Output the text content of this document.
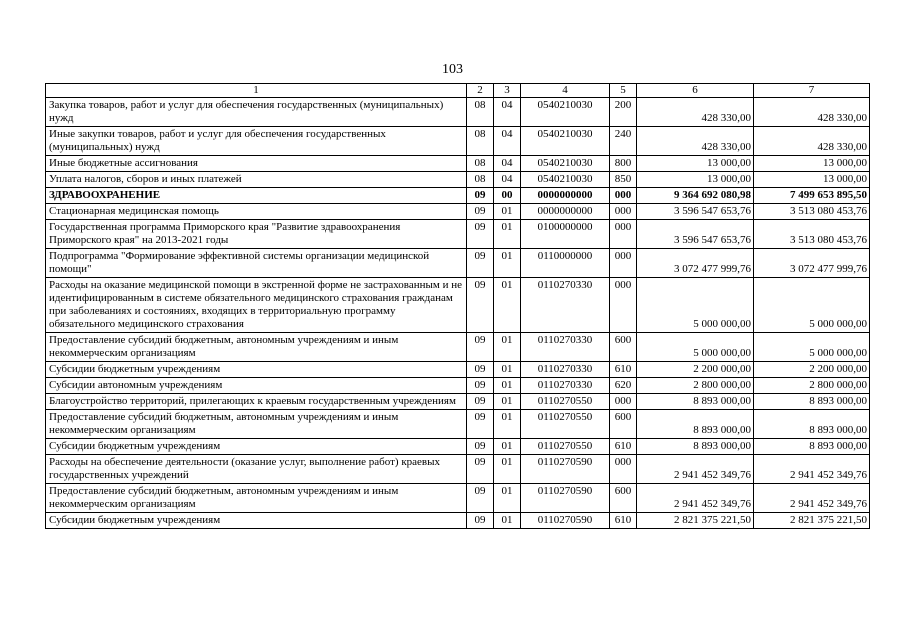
103
1	2	3	4	5	6	7
Закупка товаров, работ и услуг для обеспечения государственных (муниципальных) нужд	08	04	0540210030	200	428 330,00	428 330,00
Иные закупки товаров, работ и услуг для обеспечения государственных (муниципальных) нужд	08	04	0540210030	240	428 330,00	428 330,00
Иные бюджетные ассигнования	08	04	0540210030	800	13 000,00	13 000,00
Уплата налогов, сборов и иных платежей	08	04	0540210030	850	13 000,00	13 000,00
ЗДРАВООХРАНЕНИЕ	09	00	0000000000	000	9 364 692 080,98	7 499 653 895,50
Стационарная медицинская помощь	09	01	0000000000	000	3 596 547 653,76	3 513 080 453,76
Государственная программа Приморского края "Развитие здравоохранения Приморского края" на 2013-2021 годы	09	01	0100000000	000	3 596 547 653,76	3 513 080 453,76
Подпрограмма "Формирование эффективной системы организации медицинской помощи"	09	01	0110000000	000	3 072 477 999,76	3 072 477 999,76
Расходы на оказание медицинской помощи в экстренной форме не застрахованным и не идентифицированным в системе обязательного медицинского страхования гражданам при заболеваниях и состояниях, входящих в территориальную программу обязательного медицинского страхования	09	01	0110270330	000	5 000 000,00	5 000 000,00
Предоставление субсидий бюджетным, автономным учреждениям и иным некоммерческим организациям	09	01	0110270330	600	5 000 000,00	5 000 000,00
Субсидии бюджетным учреждениям	09	01	0110270330	610	2 200 000,00	2 200 000,00
Субсидии автономным учреждениям	09	01	0110270330	620	2 800 000,00	2 800 000,00
Благоустройство территорий, прилегающих к краевым государственным учреждениям	09	01	0110270550	000	8 893 000,00	8 893 000,00
Предоставление субсидий бюджетным, автономным учреждениям и иным некоммерческим организациям	09	01	0110270550	600	8 893 000,00	8 893 000,00
Субсидии бюджетным учреждениям	09	01	0110270550	610	8 893 000,00	8 893 000,00
Расходы на обеспечение деятельности (оказание услуг, выполнение работ) краевых государственных учреждений	09	01	0110270590	000	2 941 452 349,76	2 941 452 349,76
Предоставление субсидий бюджетным, автономным учреждениям и иным некоммерческим организациям	09	01	0110270590	600	2 941 452 349,76	2 941 452 349,76
Субсидии бюджетным учреждениям	09	01	0110270590	610	2 821 375 221,50	2 821 375 221,50
